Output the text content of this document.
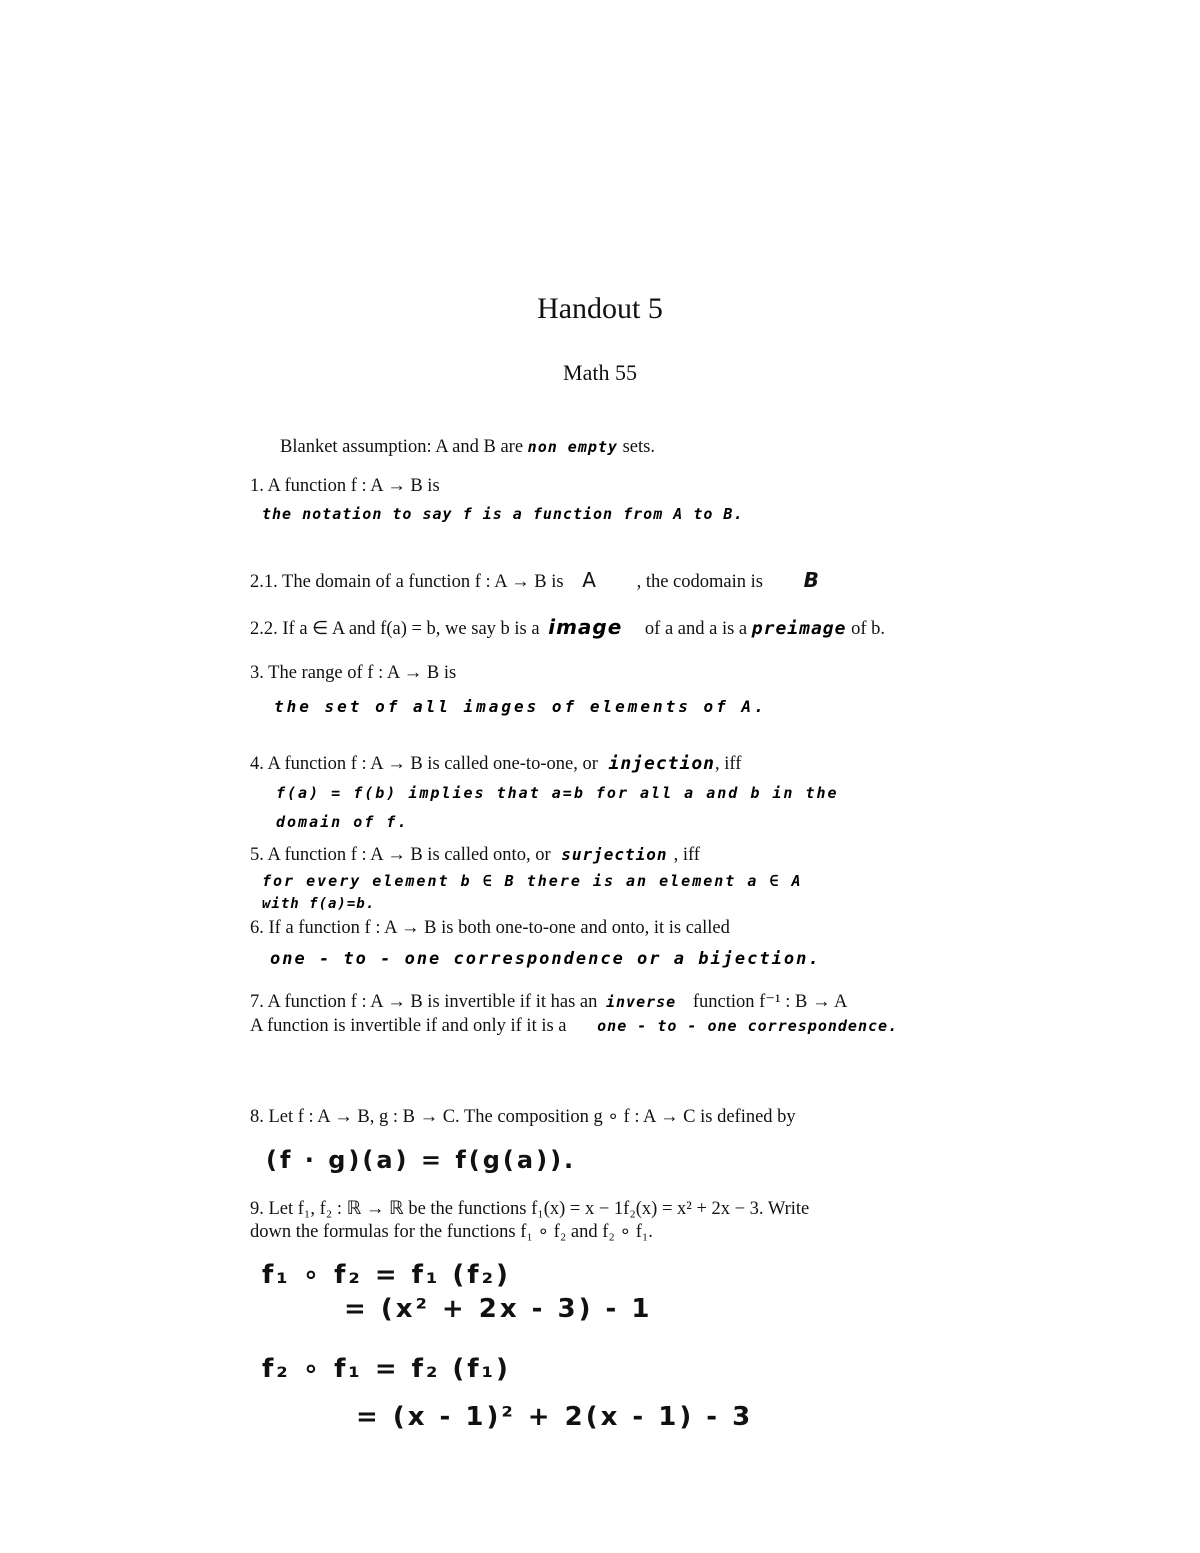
Handout 5
Math 55
Blanket assumption: A and B are non empty sets.
1. A function f : A → B is
the notation to say f is a function from A to B.
2.1. The domain of a function f : A → B is A , the codomain is B
2.2. If a ∈ A and f(a) = b, we say b is a image of a and a is a preimage of b.
3. The range of f : A → B is
the set of all images of elements of A.
4. A function f : A → B is called one-to-one, or injection, iff
f(a) = f(b) implies that a=b for all a and b in the
domain of f.
5. A function f : A → B is called onto, or surjection , iff
for every element b ∈ B there is an element a ∈ A
with f(a)=b.
6. If a function f : A → B is both one-to-one and onto, it is called
one - to - one correspondence or a bijection.
7. A function f : A → B is invertible if it has an inverse function f⁻¹ : B → A
A function is invertible if and only if it is a one - to - one correspondence.
8. Let f : A → B, g : B → C. The composition g ∘ f : A → C is defined by
(f · g)(a) = f(g(a)).
9. Let f₁, f₂ : ℝ → ℝ be the functions f₁(x) = x − 1f₂(x) = x² + 2x − 3. Write
down the formulas for the functions f₁ ∘ f₂ and f₂ ∘ f₁.
f₁ ∘ f₂ = f₁ (f₂)
= (x² + 2x - 3) - 1
f₂ ∘ f₁ = f₂ (f₁)
= (x - 1)² + 2(x - 1) - 3
